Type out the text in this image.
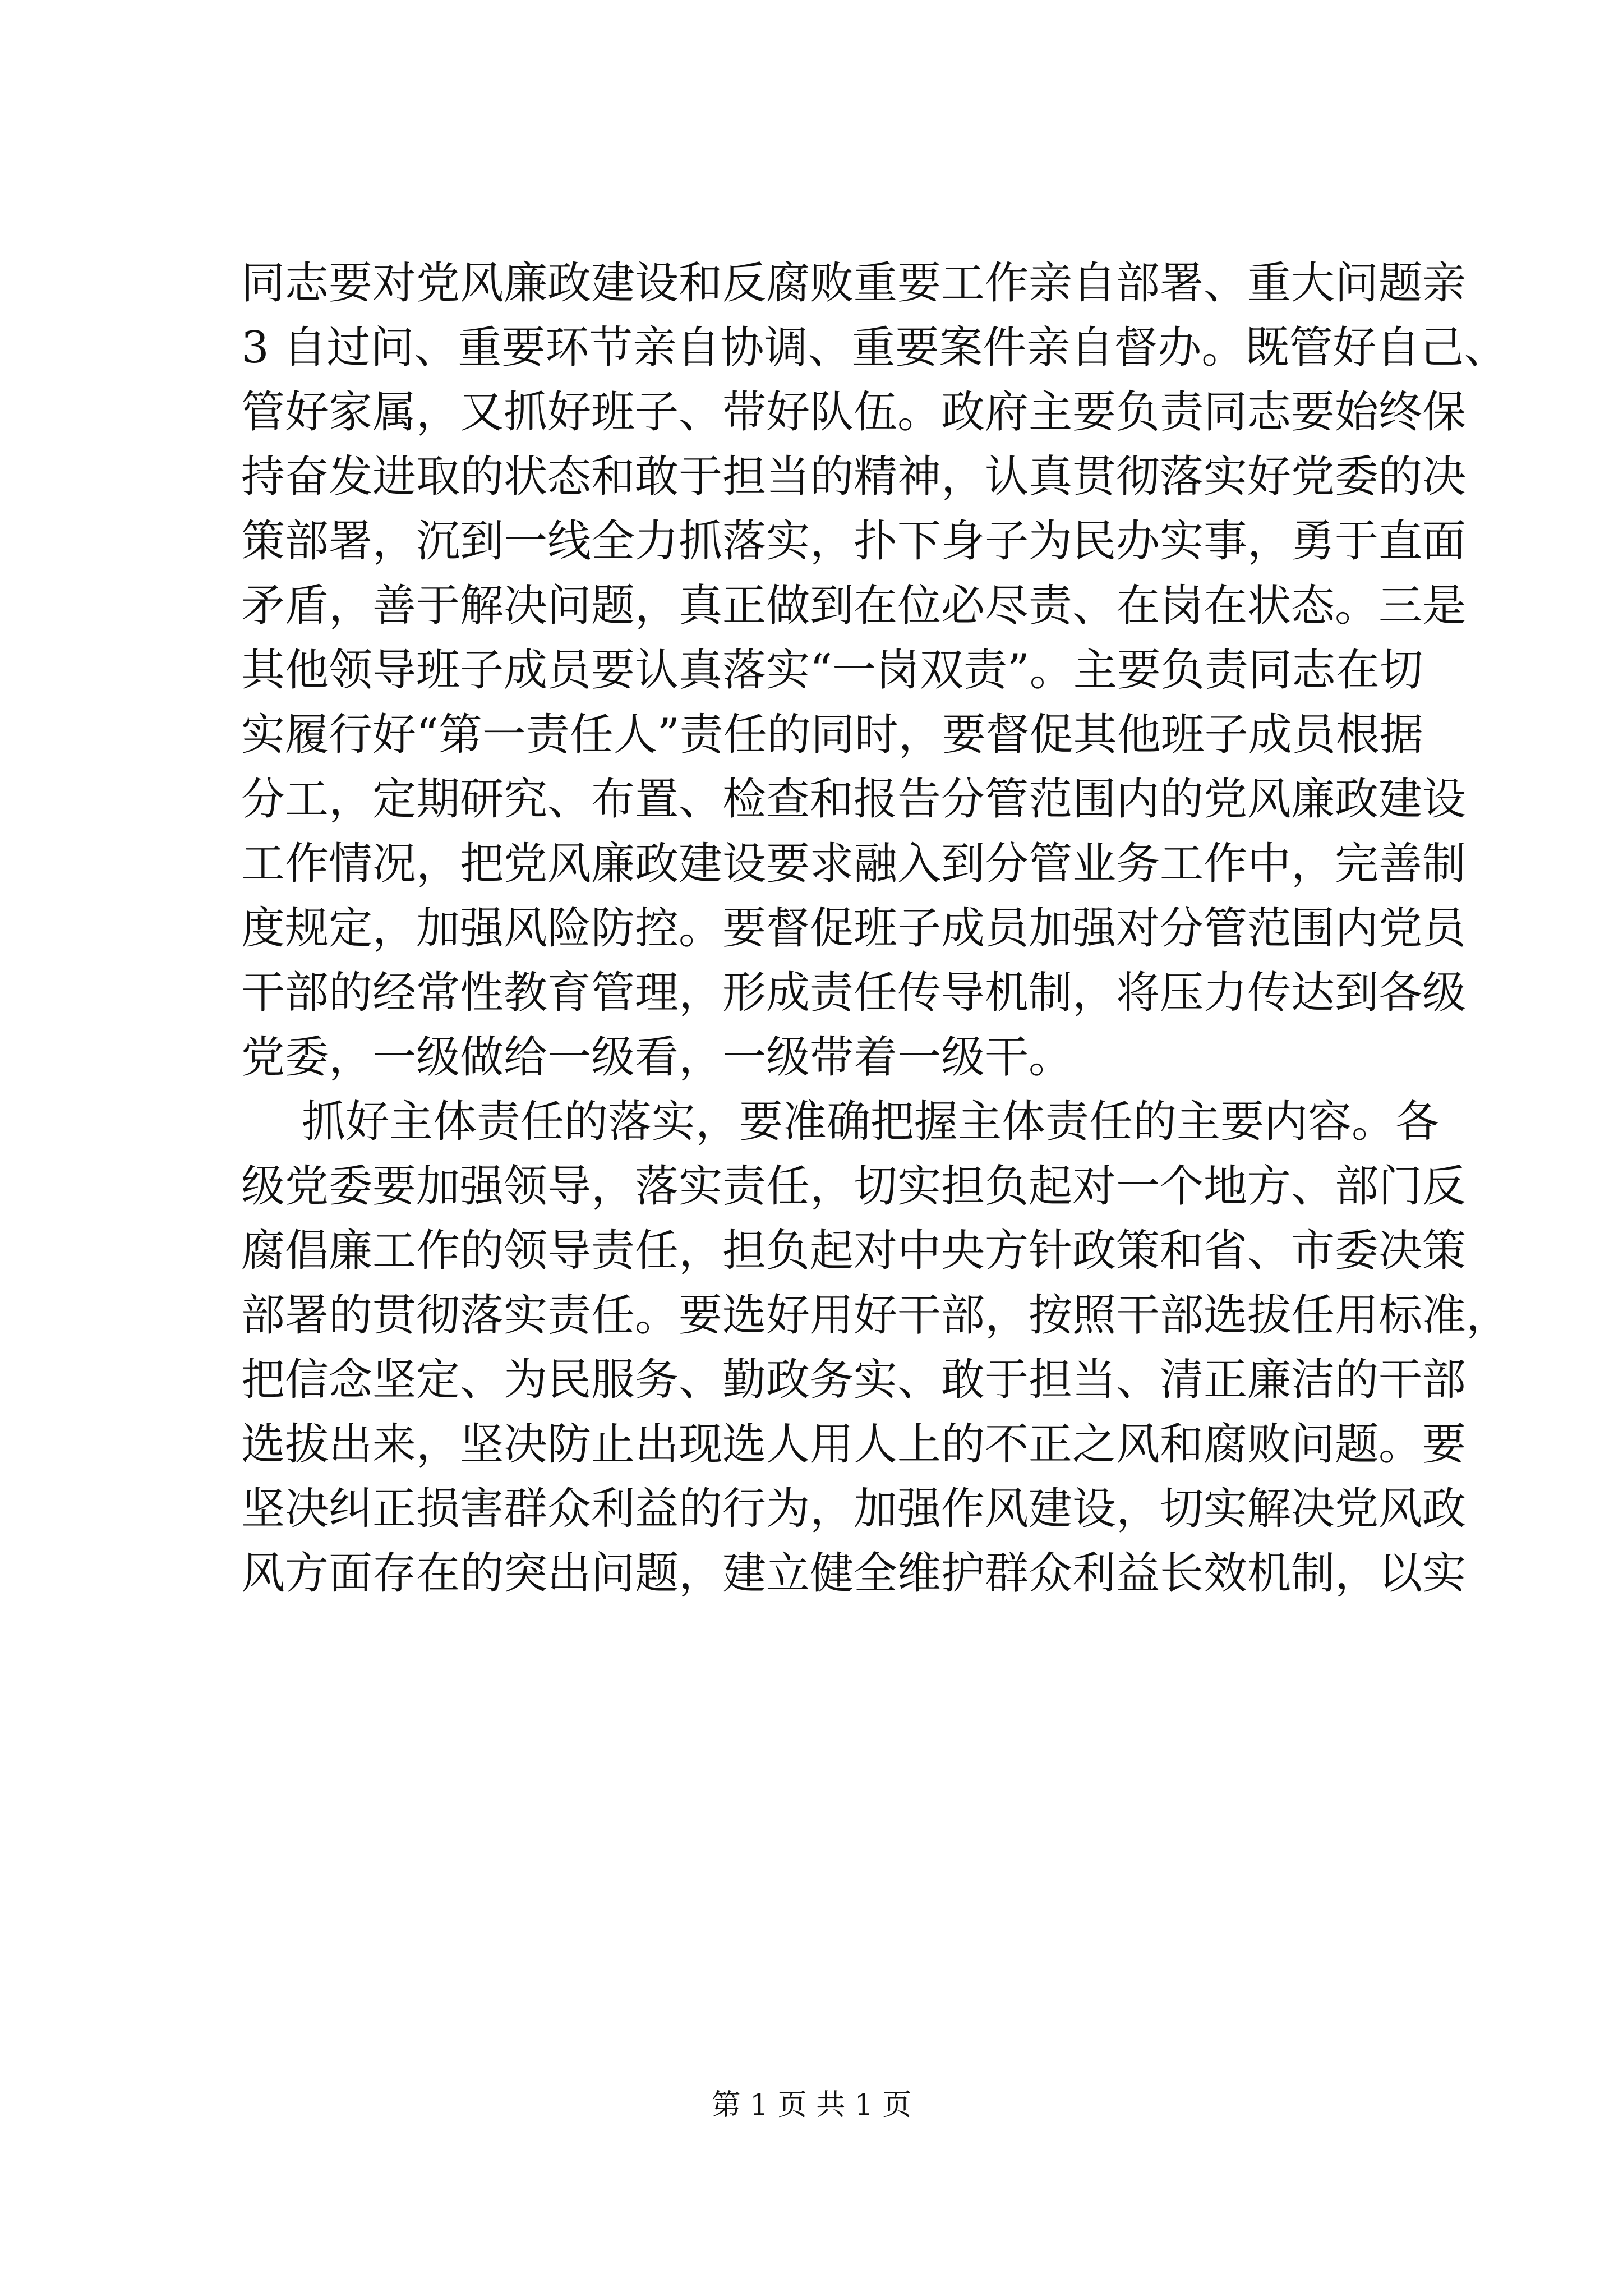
同志要对党风廉政建设和反腐败重要工作亲自部署、重大问题亲
3 自过问、重要环节亲自协调、重要案件亲自督办。既管好自己、
管好家属，又抓好班子、带好队伍。政府主要负责同志要始终保
持奋发进取的状态和敢于担当的精神，认真贯彻落实好党委的决
策部署，沉到一线全力抓落实，扑下身子为民办实事，勇于直面
矛盾，善于解决问题，真正做到在位必尽责、在岗在状态。三是
其他领导班子成员要认真落实“一岗双责”。主要负责同志在切
实履行好“第一责任人”责任的同时，要督促其他班子成员根据
分工，定期研究、布置、检查和报告分管范围内的党风廉政建设
工作情况，把党风廉政建设要求融入到分管业务工作中，完善制
度规定，加强风险防控。要督促班子成员加强对分管范围内党员
干部的经常性教育管理，形成责任传导机制，将压力传达到各级
党委，一级做给一级看，一级带着一级干。
抓好主体责任的落实，要准确把握主体责任的主要内容。各
级党委要加强领导，落实责任，切实担负起对一个地方、部门反
腐倡廉工作的领导责任，担负起对中央方针政策和省、市委决策
部署的贯彻落实责任。要选好用好干部，按照干部选拔任用标准，
把信念坚定、为民服务、勤政务实、敢于担当、清正廉洁的干部
选拔出来，坚决防止出现选人用人上的不正之风和腐败问题。要
坚决纠正损害群众利益的行为，加强作风建设，切实解决党风政
风方面存在的突出问题，建立健全维护群众利益长效机制，以实
第 1 页 共 1 页
